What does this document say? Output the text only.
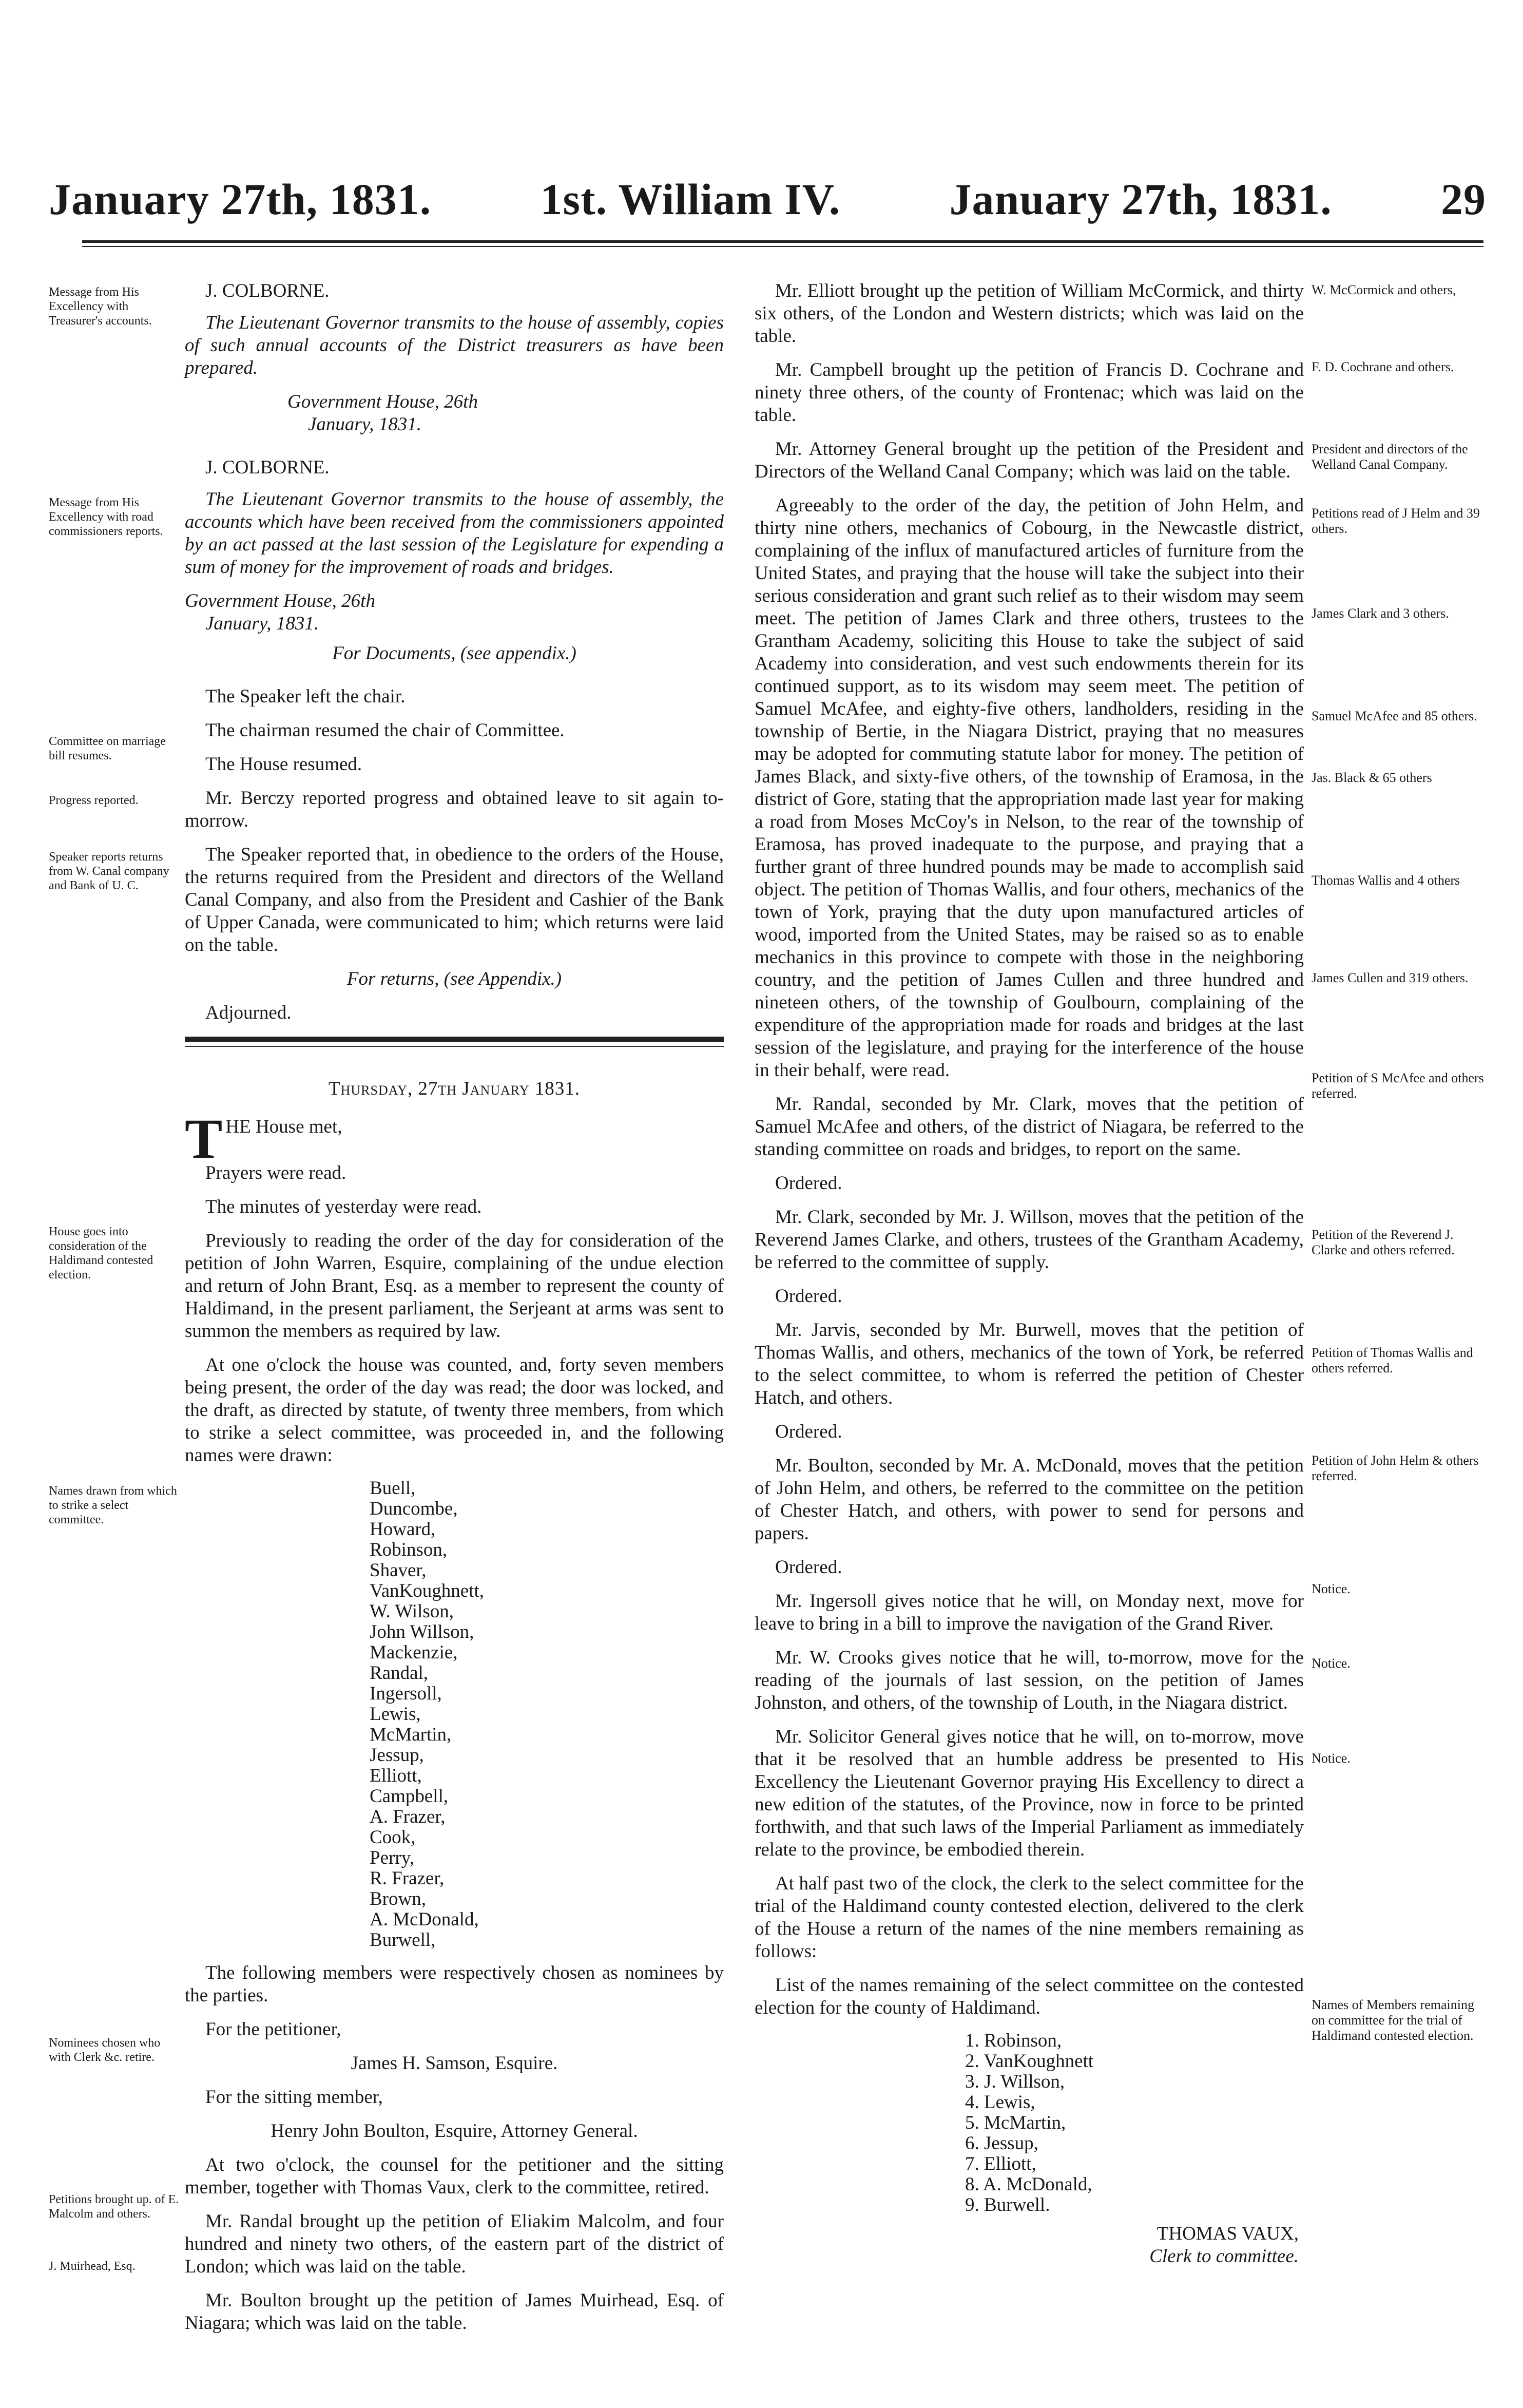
January 27th, 1831. 1st. William IV. January 27th, 1831. 29
Message from His Excellency with Treasurer's accounts.
Message from His Excellency with road commissioners reports.
Committee on marriage bill resumes.
Progress reported.
Speaker reports returns from W. Canal company and Bank of U. C.
House goes into consideration of the Haldimand contested election.
Names drawn from which to strike a select committee.
Nominees chosen who with Clerk &c. retire.
Petitions brought up. of E. Malcolm and others.
J. Muirhead, Esq.

J. COLBORNE.

The Lieutenant Governor transmits to the house of assembly, copies of such annual accounts of the District treasurers as have been prepared.

Government House, 26th
January, 1831.

J. COLBORNE.

The Lieutenant Governor transmits to the house of assembly, the accounts which have been received from the commissioners appointed by an act passed at the last session of the Legislature for expending a sum of money for the improvement of roads and bridges.

Government House, 26th
January, 1831.

For Documents, (see appendix.)

The Speaker left the chair.

The chairman resumed the chair of Committee.

The House resumed.

Mr. Berczy reported progress and obtained leave to sit again to-morrow.

The Speaker reported that, in obedience to the orders of the House, the returns required from the President and directors of the Welland Canal Company, and also from the President and Cashier of the Bank of Upper Canada, were communicated to him; which returns were laid on the table.

For returns, (see Appendix.)

Adjourned.

Thursday, 27th January 1831.

THE House met,

Prayers were read.

The minutes of yesterday were read.

Previously to reading the order of the day for consideration of the petition of John Warren, Esquire, complaining of the undue election and return of John Brant, Esq. as a member to represent the county of Haldimand, in the present parliament, the Serjeant at arms was sent to summon the members as required by law.

At one o'clock the house was counted, and, forty seven members being present, the order of the day was read; the door was locked, and the draft, as directed by statute, of twenty three members, from which to strike a select committee, was proceeded in, and the following names were drawn:

Buell,
Duncombe,
Howard,
Robinson,
Shaver,
VanKoughnett,
W. Wilson,
John Willson,
Mackenzie,
Randal,
Ingersoll,
Lewis,
McMartin,
Jessup,
Elliott,
Campbell,
A. Frazer,
Cook,
Perry,
R. Frazer,
Brown,
A. McDonald,
Burwell,

The following members were respectively chosen as nominees by the parties.

For the petitioner,

James H. Samson, Esquire.

For the sitting member,

Henry John Boulton, Esquire, Attorney General.

At two o'clock, the counsel for the petitioner and the sitting member, together with Thomas Vaux, clerk to the committee, retired.

Mr. Randal brought up the petition of Eliakim Malcolm, and four hundred and ninety two others, of the eastern part of the district of London; which was laid on the table.

Mr. Boulton brought up the petition of James Muirhead, Esq. of Niagara; which was laid on the table.

Mr. Elliott brought up the petition of William McCormick, and thirty six others, of the London and Western districts; which was laid on the table.

Mr. Campbell brought up the petition of Francis D. Cochrane and ninety three others, of the county of Frontenac; which was laid on the table.

Mr. Attorney General brought up the petition of the President and Directors of the Welland Canal Company; which was laid on the table.

Agreeably to the order of the day, the petition of John Helm, and thirty nine others, mechanics of Cobourg, in the Newcastle district, complaining of the influx of manufactured articles of furniture from the United States, and praying that the house will take the subject into their serious consideration and grant such relief as to their wisdom may seem meet. The petition of James Clark and three others, trustees to the Grantham Academy, soliciting this House to take the subject of said Academy into consideration, and vest such endowments therein for its continued support, as to its wisdom may seem meet. The petition of Samuel McAfee, and eighty-five others, landholders, residing in the township of Bertie, in the Niagara District, praying that no measures may be adopted for commuting statute labor for money. The petition of James Black, and sixty-five others, of the township of Eramosa, in the district of Gore, stating that the appropriation made last year for making a road from Moses McCoy's in Nelson, to the rear of the township of Eramosa, has proved inadequate to the purpose, and praying that a further grant of three hundred pounds may be made to accomplish said object. The petition of Thomas Wallis, and four others, mechanics of the town of York, praying that the duty upon manufactured articles of wood, imported from the United States, may be raised so as to enable mechanics in this province to compete with those in the neighboring country, and the petition of James Cullen and three hundred and nineteen others, of the township of Goulbourn, complaining of the expenditure of the appropriation made for roads and bridges at the last session of the legislature, and praying for the interference of the house in their behalf, were read.

Mr. Randal, seconded by Mr. Clark, moves that the petition of Samuel McAfee and others, of the district of Niagara, be referred to the standing committee on roads and bridges, to report on the same.

Ordered.

Mr. Clark, seconded by Mr. J. Willson, moves that the petition of the Reverend James Clarke, and others, trustees of the Grantham Academy, be referred to the committee of supply.

Ordered.

Mr. Jarvis, seconded by Mr. Burwell, moves that the petition of Thomas Wallis, and others, mechanics of the town of York, be referred to the select committee, to whom is referred the petition of Chester Hatch, and others.

Ordered.

Mr. Boulton, seconded by Mr. A. McDonald, moves that the petition of John Helm, and others, be referred to the committee on the petition of Chester Hatch, and others, with power to send for persons and papers.

Ordered.

Mr. Ingersoll gives notice that he will, on Monday next, move for leave to bring in a bill to improve the navigation of the Grand River.

Mr. W. Crooks gives notice that he will, to-morrow, move for the reading of the journals of last session, on the petition of James Johnston, and others, of the township of Louth, in the Niagara district.

Mr. Solicitor General gives notice that he will, on to-morrow, move that it be resolved that an humble address be presented to His Excellency the Lieutenant Governor praying His Excellency to direct a new edition of the statutes, of the Province, now in force to be printed forthwith, and that such laws of the Imperial Parliament as immediately relate to the province, be embodied therein.

At half past two of the clock, the clerk to the select committee for the trial of the Haldimand county contested election, delivered to the clerk of the House a return of the names of the nine members remaining as follows:

List of the names remaining of the select committee on the contested election for the county of Haldimand.

1. Robinson,
2. VanKoughnett
3. J. Willson,
4. Lewis,
5. McMartin,
6. Jessup,
7. Elliott,
8. A. McDonald,
9. Burwell.

THOMAS VAUX,

Clerk to committee.

W. McCormick and others,
F. D. Cochrane and others.
President and directors of the Welland Canal Company.
Petitions read of J Helm and 39 others.
James Clark and 3 others.
Samuel McAfee and 85 others.
Jas. Black & 65 others
Thomas Wallis and 4 others
James Cullen and 319 others.
Petition of S McAfee and others referred.
Petition of the Reverend J. Clarke and others referred.
Petition of Thomas Wallis and others referred.
Petition of John Helm & others referred.
Notice.
Notice.
Notice.
Names of Members remaining on committee for the trial of Haldimand contested election.
